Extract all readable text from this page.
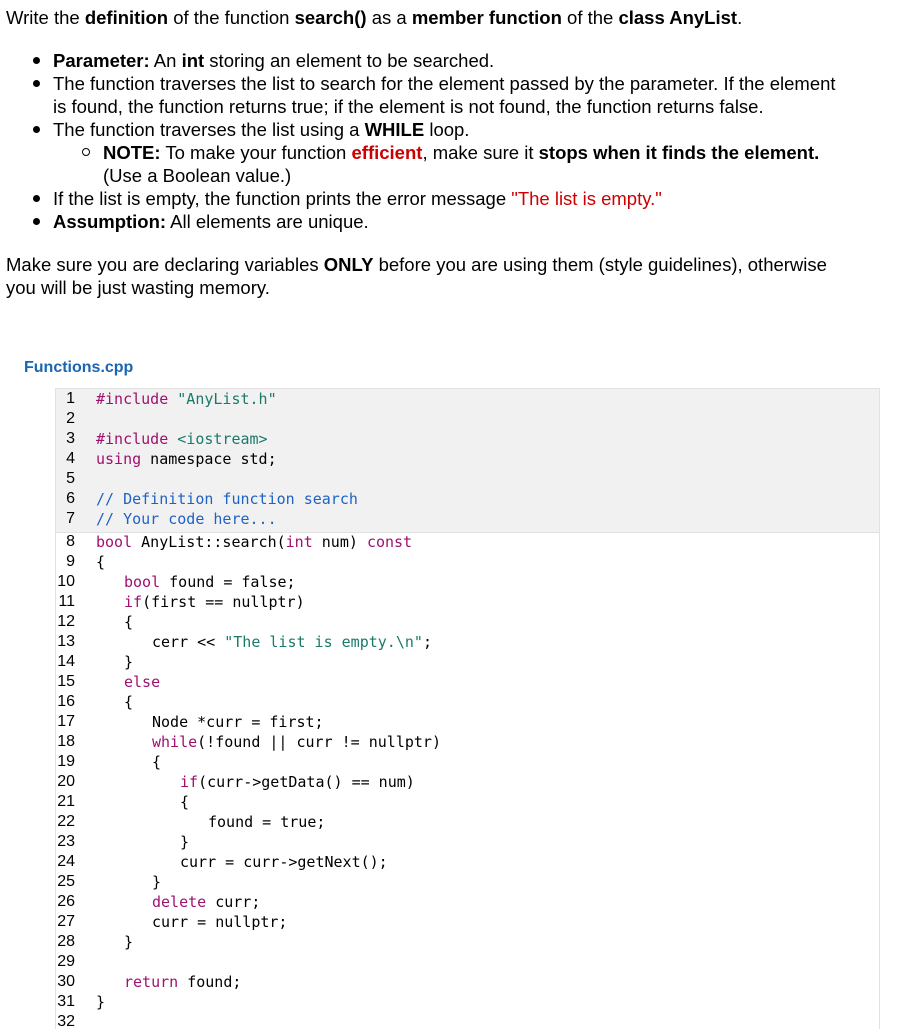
Write the definition of the function search() as a member function of the class AnyList.

Parameter: An int storing an element to be searched.

The function traverses the list to search for the element passed by the parameter. If the element

is found, the function returns true; if the element is not found, the function returns false.

The function traverses the list using a WHILE loop.

NOTE: To make your function efficient, make sure it stops when it finds the element.

(Use a Boolean value.)

If the list is empty, the function prints the error message "The list is empty."

Assumption: All elements are unique.

Make sure you are declaring variables ONLY before you are using them (style guidelines), otherwise

you will be just wasting memory.

Functions.cpp
1
2
3
4
5
6
7
8
9
10
11
12
13
14
15
16
17
18
19
20
21
22
23
24
25
26
27
28
29
30
31
32
#include "AnyList.h"
#include <iostream>
using namespace std;
// Definition function search
// Your code here...
bool AnyList::search(int num) const
{
bool found = false;
if(first == nullptr)
{
cerr << "The list is empty.\n";
}
else
{
Node *curr = first;
while(!found || curr != nullptr)
{
if(curr->getData() == num)
{
found = true;
}
curr = curr->getNext();
}
delete curr;
curr = nullptr;
}
return found;
}
